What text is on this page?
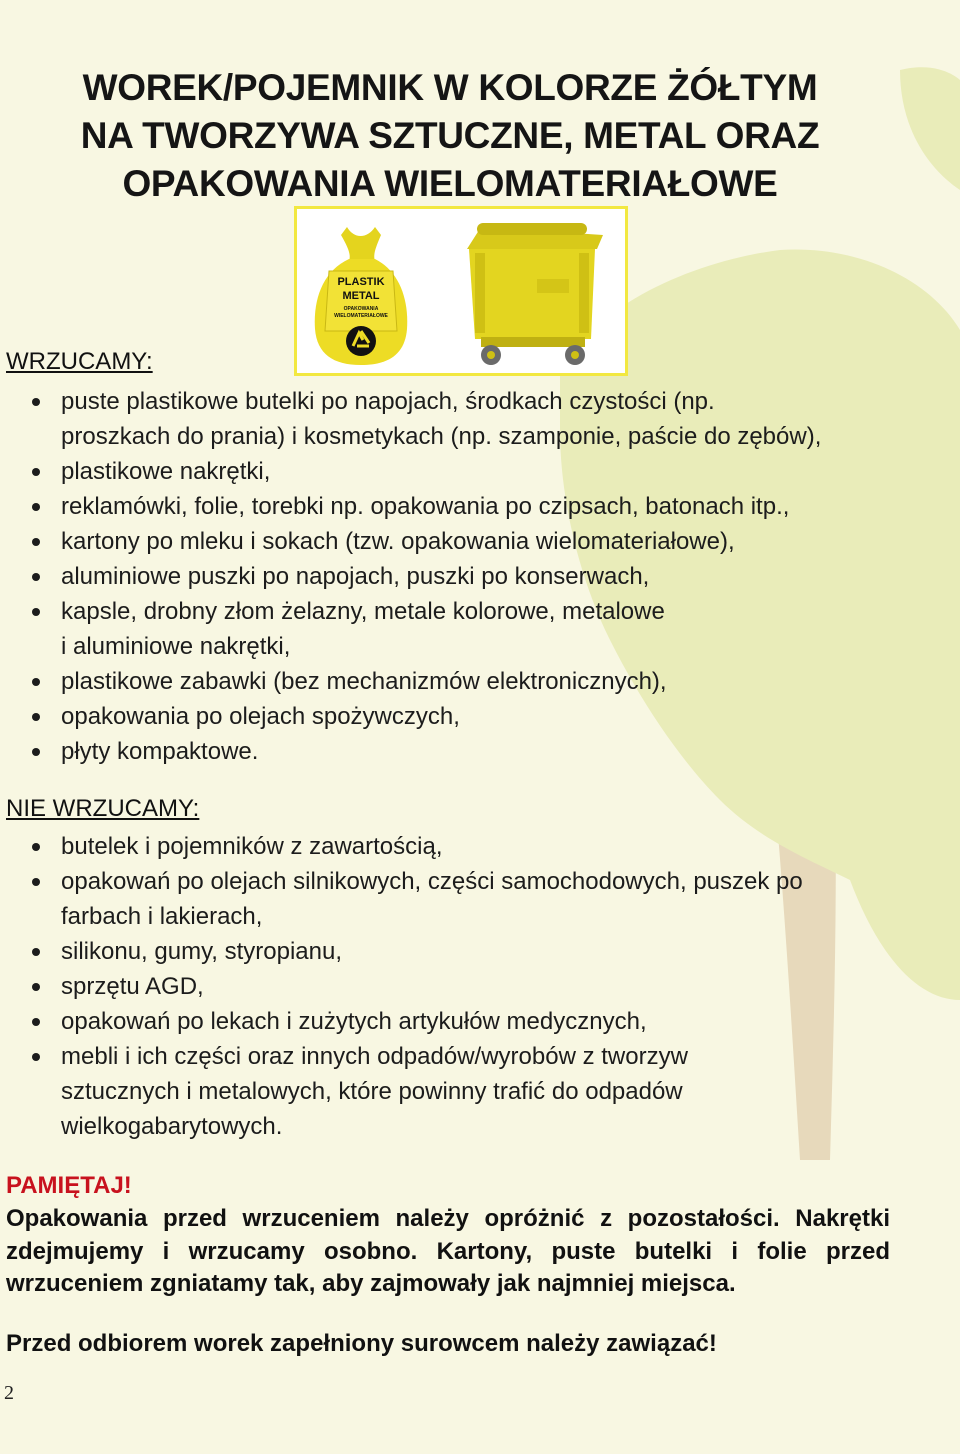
WOREK/POJEMNIK W KOLORZE ŻÓŁTYM
NA TWORZYWA SZTUCZNE, METAL ORAZ
OPAKOWANIA WIELOMATERIAŁOWE
PLASTIK
METAL
OPAKOWANIA
WIELOMATERIAŁOWE
WRZUCAMY:
puste plastikowe butelki po napojach, środkach czystości (np.
proszkach do prania) i kosmetykach (np. szamponie, paście do zębów),
plastikowe nakrętki,
reklamówki, folie, torebki np. opakowania po czipsach, batonach itp.,
kartony po mleku i sokach (tzw. opakowania wielomateriałowe),
aluminiowe puszki po napojach, puszki po konserwach,
kapsle, drobny złom żelazny, metale kolorowe, metalowe
i aluminiowe nakrętki,
plastikowe zabawki (bez mechanizmów elektronicznych),
opakowania po olejach spożywczych,
płyty kompaktowe.
NIE WRZUCAMY:
butelek i pojemników z zawartością,
opakowań po olejach silnikowych, części samochodowych, puszek po
farbach i lakierach,
silikonu, gumy, styropianu,
sprzętu AGD,
opakowań po lekach i zużytych artykułów medycznych,
mebli i ich części oraz innych odpadów/wyrobów z tworzyw
sztucznych i metalowych, które powinny trafić do odpadów
wielkogabarytowych.
PAMIĘTAJ!
Opakowania przed wrzuceniem należy opróżnić z pozostałości. Nakrętki zdejmujemy i wrzucamy osobno. Kartony, puste butelki i folie przed wrzuceniem zgniatamy tak, aby zajmowały jak najmniej miejsca.
Przed odbiorem worek zapełniony surowcem należy zawiązać!
2
